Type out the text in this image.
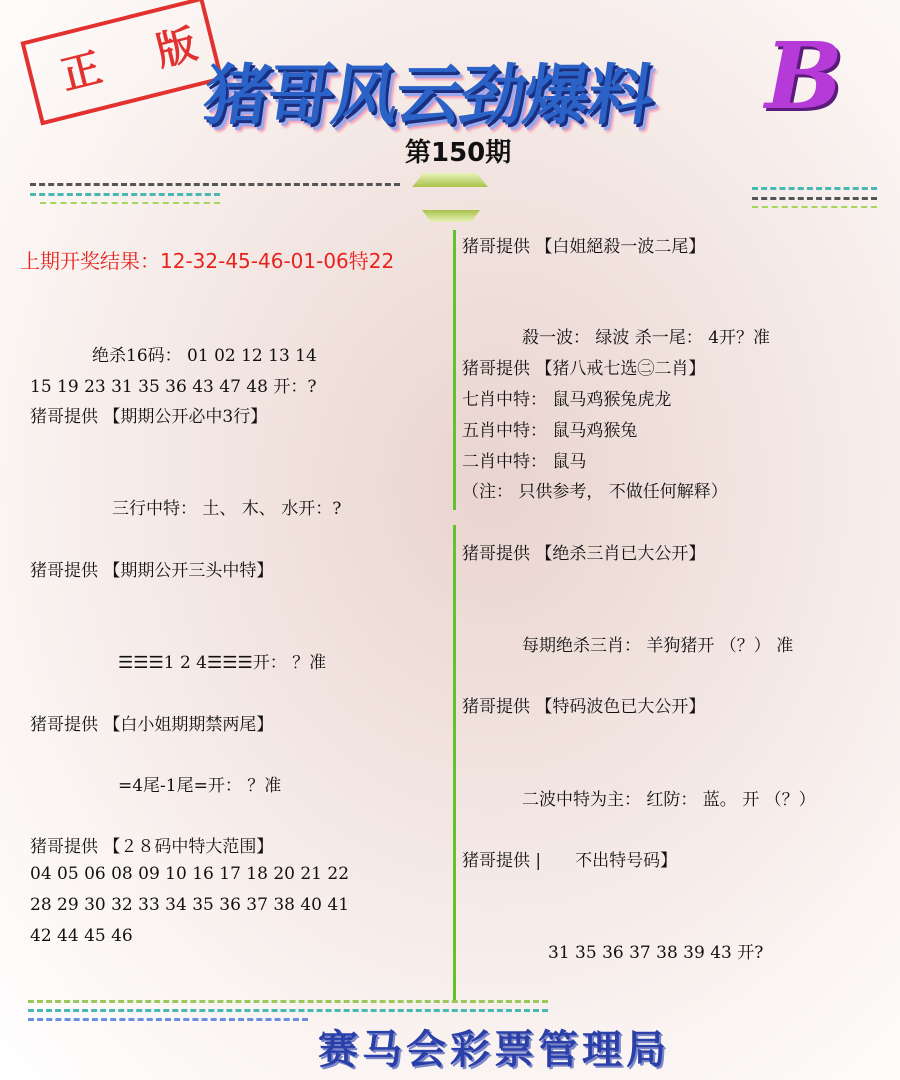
正 版
猪哥风云劲爆料 B
第150期
上期开奖结果：12-32-45-46-01-06特22
绝杀16码： 01 02 12 13 14
15 19 23 31 35 36 43 47 48 开：?
猪哥提供 【期期公开必中3行】
三行中特： 土、 木、 水开：?
猪哥提供 【期期公开三头中特】
☰☰☰1 2 4☰☰☰开： ？准
猪哥提供 【白小姐期期禁两尾】
=4尾-1尾=开： ？准
猪哥提供 【２８码中特大范围】
04 05 06 08 09 10 16 17 18 20 21 22
28 29 30 32 33 34 35 36 37 38 40 41
42 44 45 46
猪哥提供 【白姐絕殺一波二尾】
殺一波： 绿波 杀一尾： 4开？准
猪哥提供 【猪八戒七选㊁二肖】
七肖中特： 鼠马鸡猴兔虎龙
五肖中特： 鼠马鸡猴兔
二肖中特： 鼠马
（注： 只供参考， 不做任何解释）
猪哥提供 【绝杀三肖已大公开】
每期绝杀三肖： 羊狗猪开 （？） 准
猪哥提供 【特码波色已大公开】
二波中特为主： 红防： 蓝。 开 （？）
猪哥提供 |　　不出特号码】
31 35 36 37 38 39 43 开?
赛马会彩票管理局
